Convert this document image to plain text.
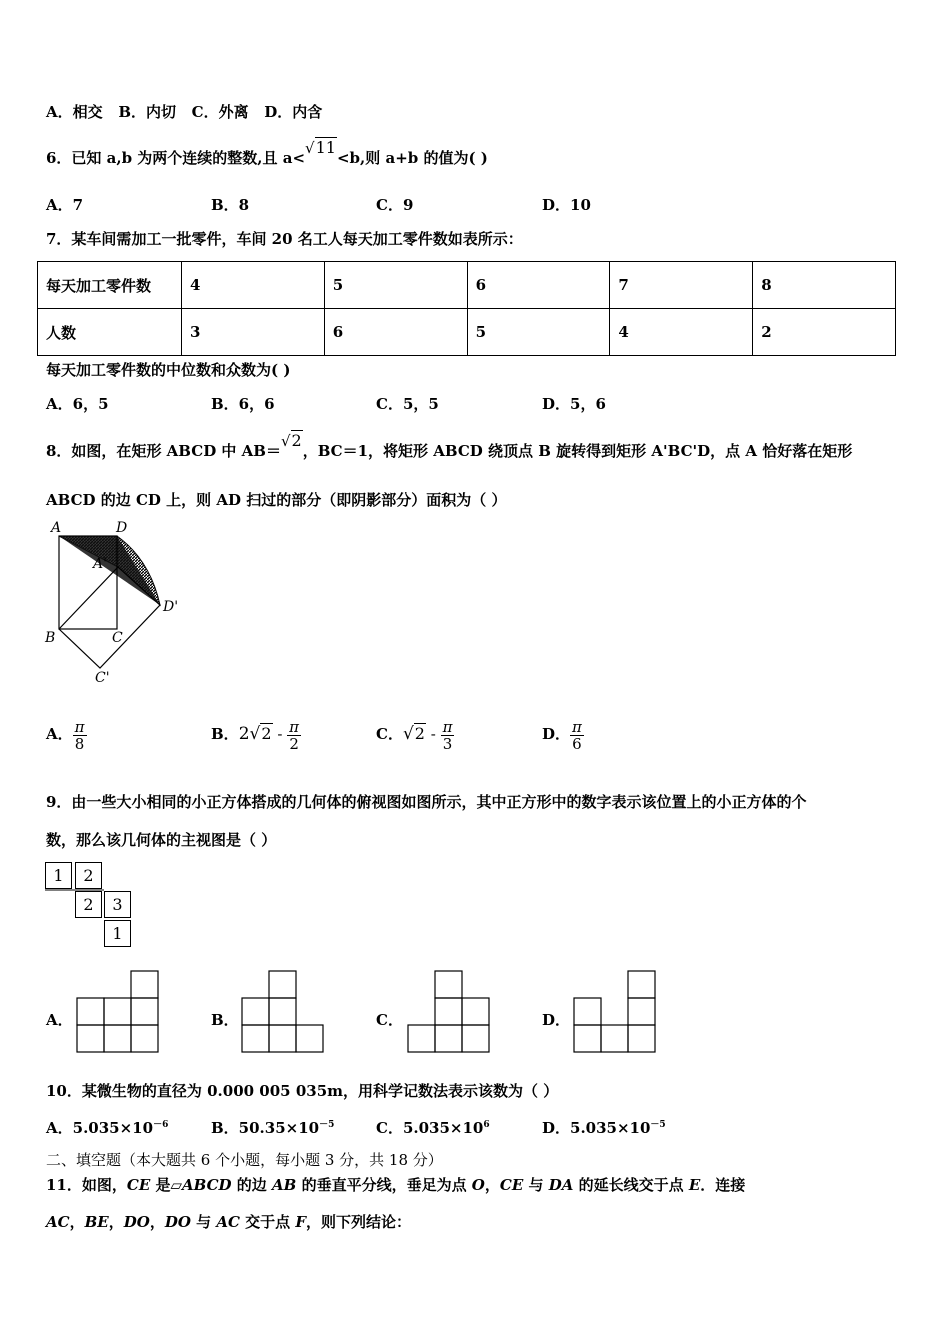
A．相交 B．内切 C．外离 D．内含
6．已知 a,b 为两个连续的整数,且 a<√11<b,则 a+b 的值为( )
A．7	B．8	C．9	D．10
7．某车间需加工一批零件，车间 20 名工人每天加工零件数如表所示：
每天加工零件数	4	5	6	7	8
人数	3	6	5	4	2
每天加工零件数的中位数和众数为( )
A．6，5	B．6，6	C．5，5	D．5，6
8．如图，在矩形 ABCD 中 AB＝√2，BC＝1，将矩形 ABCD 绕顶点 B 旋转得到矩形 A'BC'D，点 A 恰好落在矩形
ABCD 的边 CD 上，则 AD 扫过的部分（即阴影部分）面积为（ ）
A	D
A'
D'
B	C
C'
A． $\frac{\pi}{8}$	B．$2√2 - \frac{\pi}{2}$	C．$√2 - \frac{\pi}{3}$	D． $\frac{\pi}{6}$
9．由一些大小相同的小正方体搭成的几何体的俯视图如图所示，其中正方形中的数字表示该位置上的小正方体的个
数，那么该几何体的主视图是（ ）
1	2
2	3
1
A．	B．	C．	D．
10．某微生物的直径为 0.000 005 035m，用科学记数法表示该数为（ ）
A．$5.035\times 10^{-6}$	B．$50.35\times 10^{-5}$	C．$5.035\times 10^6$	D．$5.035\times 10^{-5}$
二、填空题（本大题共 6 个小题，每小题 3 分，共 18 分）
11．如图，CE 是▱ABCD 的边 AB 的垂直平分线，垂足为点 O，CE 与 DA 的延长线交于点 E．连接
AC，BE，DO，DO 与 AC 交于点 F，则下列结论：
